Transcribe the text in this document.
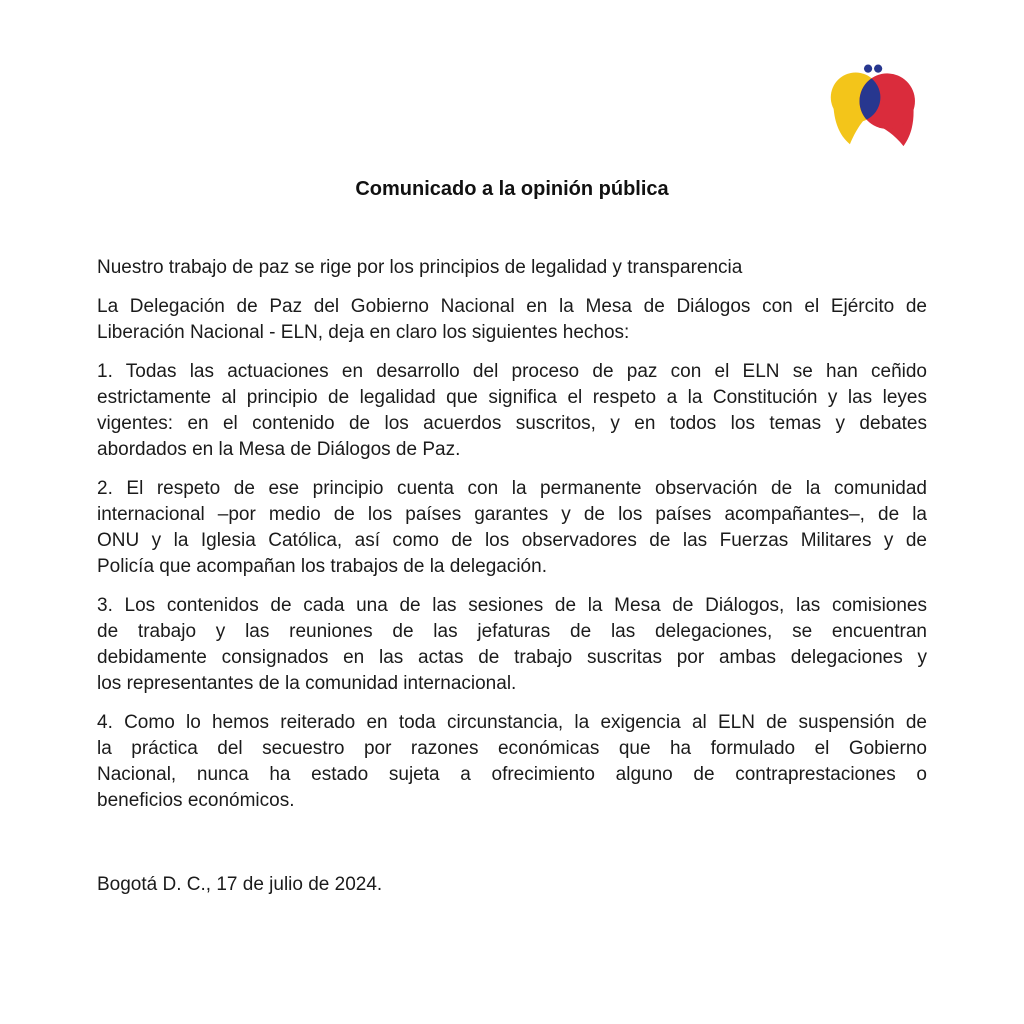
Comunicado a la opinión pública
Nuestro trabajo de paz se rige por los principios de legalidad y transparencia
La Delegación de Paz del Gobierno Nacional en la Mesa de Diálogos con el Ejército de
Liberación Nacional - ELN, deja en claro los siguientes hechos:
1. Todas las actuaciones en desarrollo del proceso de paz con el ELN se han ceñido
estrictamente al principio de legalidad que significa el respeto a la Constitución y las leyes
vigentes: en el contenido de los acuerdos suscritos, y en todos los temas y debates
abordados en la Mesa de Diálogos de Paz.
2. El respeto de ese principio cuenta con la permanente observación de la comunidad
internacional –por medio de los países garantes y de los países acompañantes–, de la
ONU y la Iglesia Católica, así como de los observadores de las Fuerzas Militares y de
Policía que acompañan los trabajos de la delegación.
3. Los contenidos de cada una de las sesiones de la Mesa de Diálogos, las comisiones
de trabajo y las reuniones de las jefaturas de las delegaciones, se encuentran
debidamente consignados en las actas de trabajo suscritas por ambas delegaciones y
los representantes de la comunidad internacional.
4. Como lo hemos reiterado en toda circunstancia, la exigencia al ELN de suspensión de
la práctica del secuestro por razones económicas que ha formulado el Gobierno
Nacional, nunca ha estado sujeta a ofrecimiento alguno de contraprestaciones o
beneficios económicos.
Bogotá D. C., 17 de julio de 2024.
